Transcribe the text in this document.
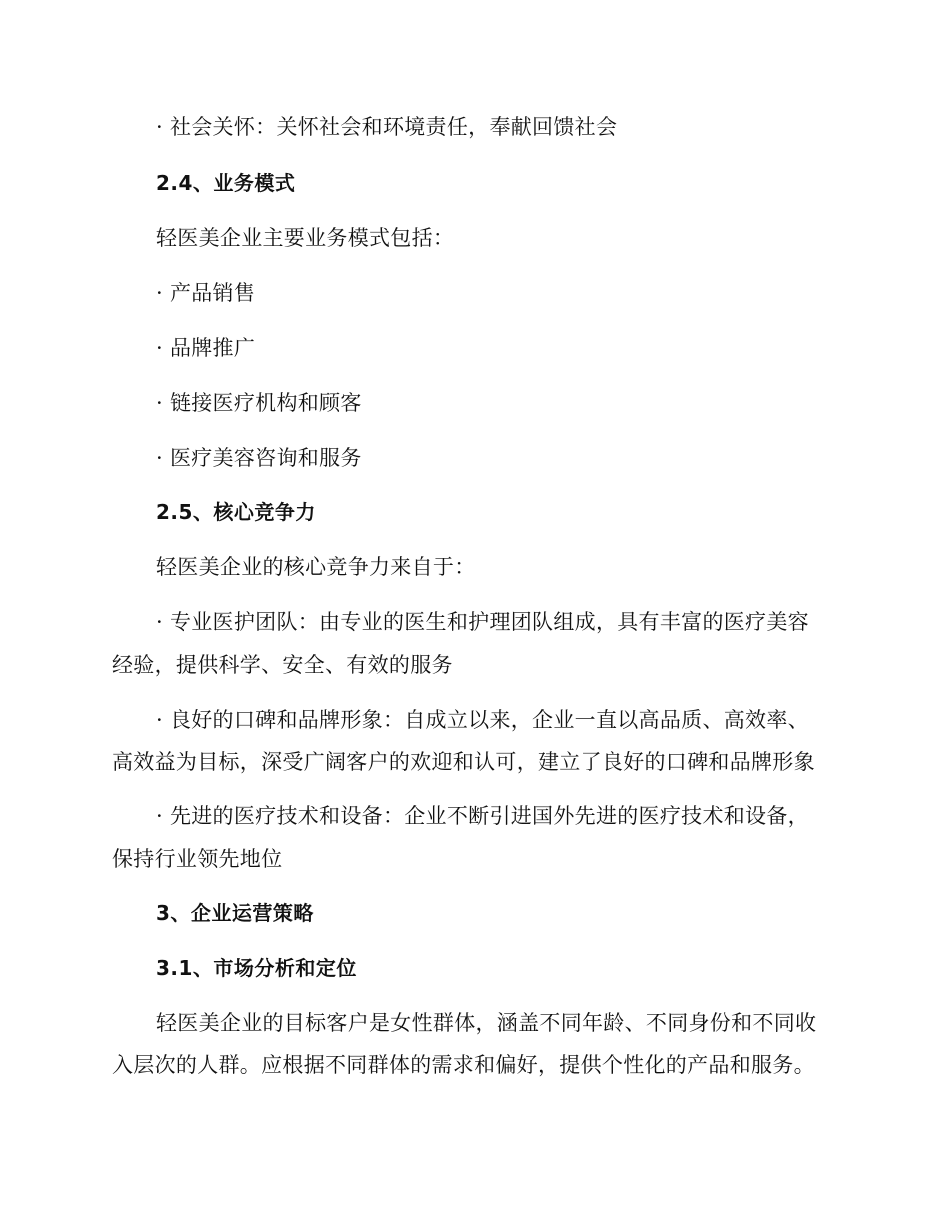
· 社会关怀：关怀社会和环境责任，奉献回馈社会
2.4、业务模式
轻医美企业主要业务模式包括：
· 产品销售
· 品牌推广
· 链接医疗机构和顾客
· 医疗美容咨询和服务
2.5、核心竞争力
轻医美企业的核心竞争力来自于：
· 专业医护团队：由专业的医生和护理团队组成，具有丰富的医疗美容
经验，提供科学、安全、有效的服务
· 良好的口碑和品牌形象：自成立以来，企业一直以高品质、高效率、
高效益为目标，深受广阔客户的欢迎和认可，建立了良好的口碑和品牌形象
· 先进的医疗技术和设备：企业不断引进国外先进的医疗技术和设备，
保持行业领先地位
3、企业运营策略
3.1、市场分析和定位
轻医美企业的目标客户是女性群体，涵盖不同年龄、不同身份和不同收
入层次的人群。应根据不同群体的需求和偏好，提供个性化的产品和服务。
